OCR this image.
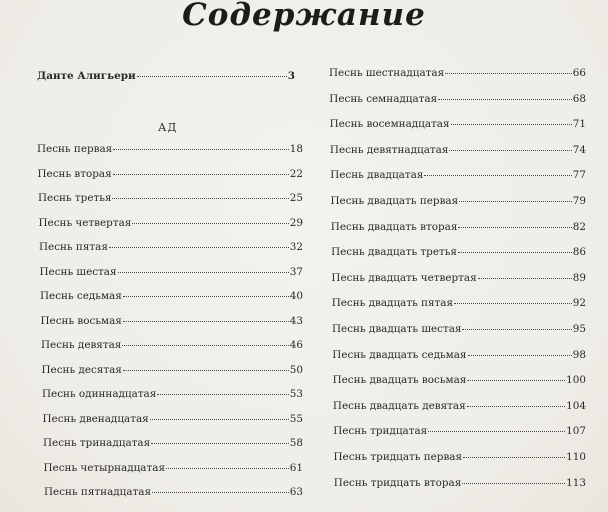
Содержание
Данте Алигьери	3
АД
Песнь первая	18
Песнь вторая	22
Песнь третья	25
Песнь четвертая	29
Песнь пятая	32
Песнь шестая	37
Песнь седьмая	40
Песнь восьмая	43
Песнь девятая	46
Песнь десятая	50
Песнь одиннадцатая	53
Песнь двенадцатая	55
Песнь тринадцатая	58
Песнь четырнадцатая	61
Песнь пятнадцатая	63
Песнь шестнадцатая	66
Песнь семнадцатая	68
Песнь восемнадцатая	71
Песнь девятнадцатая	74
Песнь двадцатая	77
Песнь двадцать первая	79
Песнь двадцать вторая	82
Песнь двадцать третья	86
Песнь двадцать четвертая	89
Песнь двадцать пятая	92
Песнь двадцать шестая	95
Песнь двадцать седьмая	98
Песнь двадцать восьмая	100
Песнь двадцать девятая	104
Песнь тридцатая	107
Песнь тридцать первая	110
Песнь тридцать вторая	113
